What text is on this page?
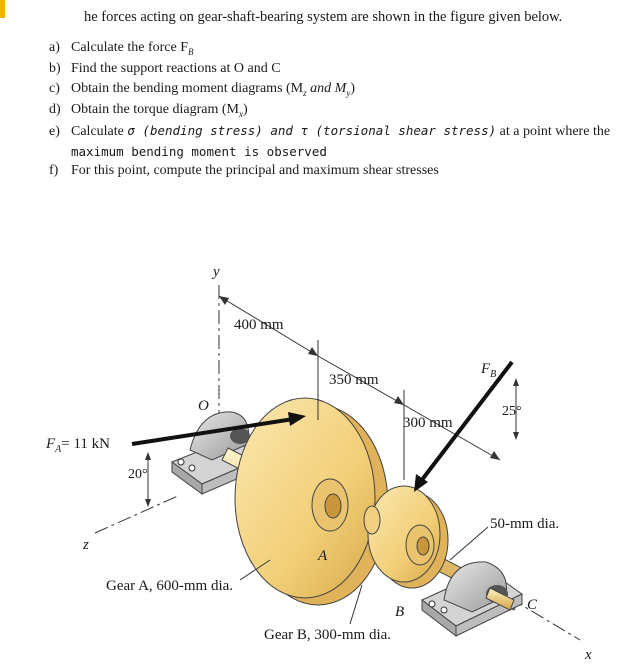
he forces acting on gear-shaft-bearing system are shown in the figure given below.
a) Calculate the force $F_B$
b) Find the support reactions at O and C
c) Obtain the bending moment diagrams ($M_z$ and $M_y$)
d) Obtain the torque diagram $(M_x)$
e) Calculate σ (bending stress) and τ (torsional shear stress) at a point where the
maximum bending moment is observed
f) For this point, compute the principal and maximum shear stresses
y
O
z
x
A
B	C
400 mm
350 mm
300 mm
$F_A= 11$ kN
20°
$F_B$
25°
50-mm dia.
Gear A, 600-mm dia.
Gear B, 300-mm dia.
